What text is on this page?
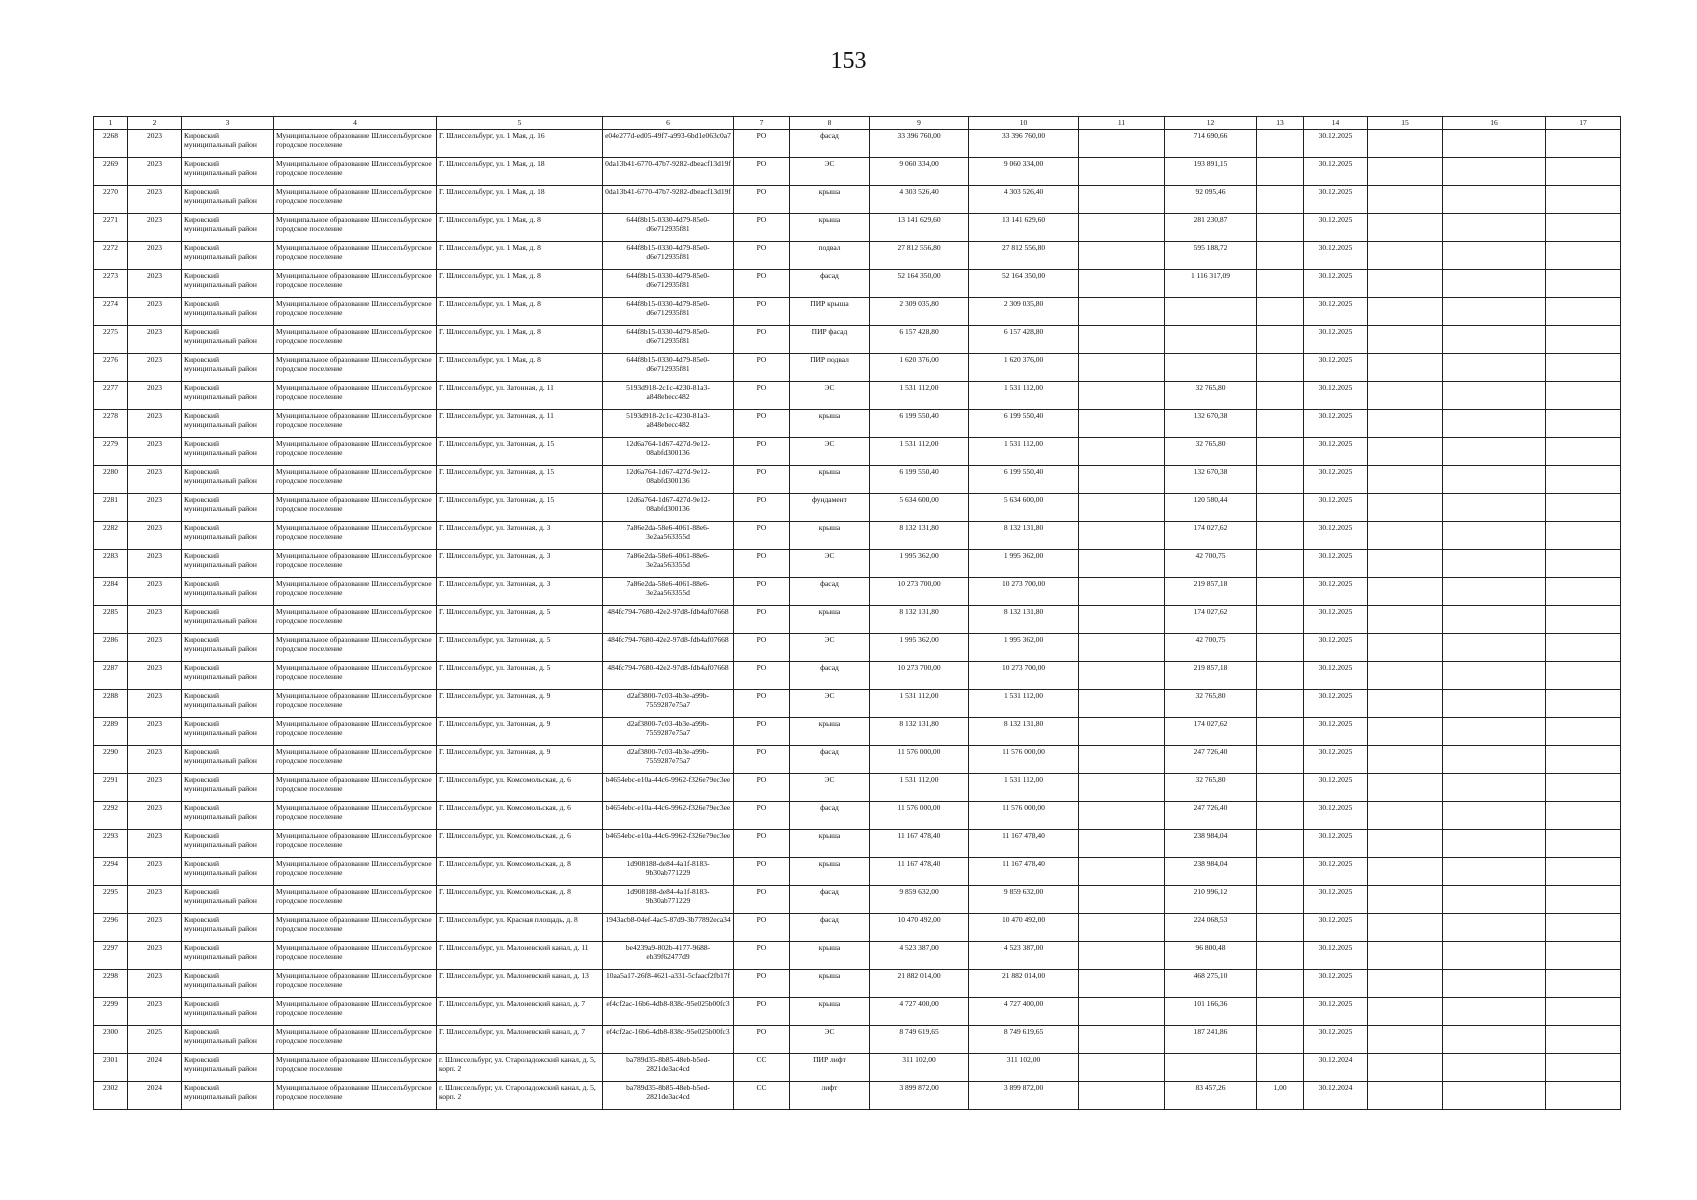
153
1	2	3	4	5	6	7	8	9	10	11	12	13	14	15	16	17
2268	2023	Кировский муниципальный район	Муниципальное образование Шлиссельбургское городское поселение	Г. Шлиссельбург, ул. 1 Мая, д. 16	e04e277d-ed05-49f7-a993-6bd1e063c0a7	РО	фасад	33 396 760,00	33 396 760,00		714 690,66		30.12.2025			
2269	2023	Кировский муниципальный район	Муниципальное образование Шлиссельбургское городское поселение	Г. Шлиссельбург, ул. 1 Мая, д. 18	0da13b41-6770-47b7-9282-dbeacf13d19f	РО	ЭС	9 060 334,00	9 060 334,00		193 891,15		30.12.2025			
2270	2023	Кировский муниципальный район	Муниципальное образование Шлиссельбургское городское поселение	Г. Шлиссельбург, ул. 1 Мая, д. 18	0da13b41-6770-47b7-9282-dbeacf13d19f	РО	крыша	4 303 526,40	4 303 526,40		92 095,46		30.12.2025			
2271	2023	Кировский муниципальный район	Муниципальное образование Шлиссельбургское городское поселение	Г. Шлиссельбург, ул. 1 Мая, д. 8	644f8b15-0330-4d79-85e0-d6e712935f81	РО	крыша	13 141 629,60	13 141 629,60		281 230,87		30.12.2025			
2272	2023	Кировский муниципальный район	Муниципальное образование Шлиссельбургское городское поселение	Г. Шлиссельбург, ул. 1 Мая, д. 8	644f8b15-0330-4d79-85e0-d6e712935f81	РО	подвал	27 812 556,80	27 812 556,80		595 188,72		30.12.2025			
2273	2023	Кировский муниципальный район	Муниципальное образование Шлиссельбургское городское поселение	Г. Шлиссельбург, ул. 1 Мая, д. 8	644f8b15-0330-4d79-85e0-d6e712935f81	РО	фасад	52 164 350,00	52 164 350,00		1 116 317,09		30.12.2025			
2274	2023	Кировский муниципальный район	Муниципальное образование Шлиссельбургское городское поселение	Г. Шлиссельбург, ул. 1 Мая, д. 8	644f8b15-0330-4d79-85e0-d6e712935f81	РО	ПИР крыша	2 309 035,80	2 309 035,80				30.12.2025			
2275	2023	Кировский муниципальный район	Муниципальное образование Шлиссельбургское городское поселение	Г. Шлиссельбург, ул. 1 Мая, д. 8	644f8b15-0330-4d79-85e0-d6e712935f81	РО	ПИР фасад	6 157 428,80	6 157 428,80				30.12.2025			
2276	2023	Кировский муниципальный район	Муниципальное образование Шлиссельбургское городское поселение	Г. Шлиссельбург, ул. 1 Мая, д. 8	644f8b15-0330-4d79-85e0-d6e712935f81	РО	ПИР подвал	1 620 376,00	1 620 376,00				30.12.2025			
2277	2023	Кировский муниципальный район	Муниципальное образование Шлиссельбургское городское поселение	Г. Шлиссельбург, ул. Затонная, д. 11	5193d918-2c1c-4230-81a3-a848ebecc482	РО	ЭС	1 531 112,00	1 531 112,00		32 765,80		30.12.2025			
2278	2023	Кировский муниципальный район	Муниципальное образование Шлиссельбургское городское поселение	Г. Шлиссельбург, ул. Затонная, д. 11	5193d918-2c1c-4230-81a3-a848ebecc482	РО	крыша	6 199 550,40	6 199 550,40		132 670,38		30.12.2025			
2279	2023	Кировский муниципальный район	Муниципальное образование Шлиссельбургское городское поселение	Г. Шлиссельбург, ул. Затонная, д. 15	12d6a764-1d67-427d-9e12-08abfd300136	РО	ЭС	1 531 112,00	1 531 112,00		32 765,80		30.12.2025			
2280	2023	Кировский муниципальный район	Муниципальное образование Шлиссельбургское городское поселение	Г. Шлиссельбург, ул. Затонная, д. 15	12d6a764-1d67-427d-9e12-08abfd300136	РО	крыша	6 199 550,40	6 199 550,40		132 670,38		30.12.2025			
2281	2023	Кировский муниципальный район	Муниципальное образование Шлиссельбургское городское поселение	Г. Шлиссельбург, ул. Затонная, д. 15	12d6a764-1d67-427d-9e12-08abfd300136	РО	фундамент	5 634 600,00	5 634 600,00		120 580,44		30.12.2025			
2282	2023	Кировский муниципальный район	Муниципальное образование Шлиссельбургское городское поселение	Г. Шлиссельбург, ул. Затонная, д. 3	7a86e2da-58e6-4061-88e6-3e2aa563355d	РО	крыша	8 132 131,80	8 132 131,80		174 027,62		30.12.2025			
2283	2023	Кировский муниципальный район	Муниципальное образование Шлиссельбургское городское поселение	Г. Шлиссельбург, ул. Затонная, д. 3	7a86e2da-58e6-4061-88e6-3e2aa563355d	РО	ЭС	1 995 362,00	1 995 362,00		42 700,75		30.12.2025			
2284	2023	Кировский муниципальный район	Муниципальное образование Шлиссельбургское городское поселение	Г. Шлиссельбург, ул. Затонная, д. 3	7a86e2da-58e6-4061-88e6-3e2aa563355d	РО	фасад	10 273 700,00	10 273 700,00		219 857,18		30.12.2025			
2285	2023	Кировский муниципальный район	Муниципальное образование Шлиссельбургское городское поселение	Г. Шлиссельбург, ул. Затонная, д. 5	484fc794-7680-42e2-97d8-fdb4af07668	РО	крыша	8 132 131,80	8 132 131,80		174 027,62		30.12.2025			
2286	2023	Кировский муниципальный район	Муниципальное образование Шлиссельбургское городское поселение	Г. Шлиссельбург, ул. Затонная, д. 5	484fc794-7680-42e2-97d8-fdb4af07668	РО	ЭС	1 995 362,00	1 995 362,00		42 700,75		30.12.2025			
2287	2023	Кировский муниципальный район	Муниципальное образование Шлиссельбургское городское поселение	Г. Шлиссельбург, ул. Затонная, д. 5	484fc794-7680-42e2-97d8-fdb4af07668	РО	фасад	10 273 700,00	10 273 700,00		219 857,18		30.12.2025			
2288	2023	Кировский муниципальный район	Муниципальное образование Шлиссельбургское городское поселение	Г. Шлиссельбург, ул. Затонная, д. 9	d2af3800-7c03-4b3e-a99b-7559287e75a7	РО	ЭС	1 531 112,00	1 531 112,00		32 765,80		30.12.2025			
2289	2023	Кировский муниципальный район	Муниципальное образование Шлиссельбургское городское поселение	Г. Шлиссельбург, ул. Затонная, д. 9	d2af3800-7c03-4b3e-a99b-7559287e75a7	РО	крыша	8 132 131,80	8 132 131,80		174 027,62		30.12.2025			
2290	2023	Кировский муниципальный район	Муниципальное образование Шлиссельбургское городское поселение	Г. Шлиссельбург, ул. Затонная, д. 9	d2af3800-7c03-4b3e-a99b-7559287e75a7	РО	фасад	11 576 000,00	11 576 000,00		247 726,40		30.12.2025			
2291	2023	Кировский муниципальный район	Муниципальное образование Шлиссельбургское городское поселение	Г. Шлиссельбург, ул. Комсомольская, д. 6	b4654ebc-e10a-44c6-9962-f326e79ec3ee	РО	ЭС	1 531 112,00	1 531 112,00		32 765,80		30.12.2025			
2292	2023	Кировский муниципальный район	Муниципальное образование Шлиссельбургское городское поселение	Г. Шлиссельбург, ул. Комсомольская, д. 6	b4654ebc-e10a-44c6-9962-f326e79ec3ee	РО	фасад	11 576 000,00	11 576 000,00		247 726,40		30.12.2025			
2293	2023	Кировский муниципальный район	Муниципальное образование Шлиссельбургское городское поселение	Г. Шлиссельбург, ул. Комсомольская, д. 6	b4654ebc-e10a-44c6-9962-f326e79ec3ee	РО	крыша	11 167 478,40	11 167 478,40		238 984,04		30.12.2025			
2294	2023	Кировский муниципальный район	Муниципальное образование Шлиссельбургское городское поселение	Г. Шлиссельбург, ул. Комсомольская, д. 8	1d908188-de84-4a1f-8183-9b30ab771229	РО	крыша	11 167 478,40	11 167 478,40		238 984,04		30.12.2025			
2295	2023	Кировский муниципальный район	Муниципальное образование Шлиссельбургское городское поселение	Г. Шлиссельбург, ул. Комсомольская, д. 8	1d908188-de84-4a1f-8183-9b30ab771229	РО	фасад	9 859 632,00	9 859 632,00		210 996,12		30.12.2025			
2296	2023	Кировский муниципальный район	Муниципальное образование Шлиссельбургское городское поселение	Г. Шлиссельбург, ул. Красная площадь, д. 8	1943acb8-04ef-4ac5-87d9-3b77892eca34	РО	фасад	10 470 492,00	10 470 492,00		224 068,53		30.12.2025			
2297	2023	Кировский муниципальный район	Муниципальное образование Шлиссельбургское городское поселение	Г. Шлиссельбург, ул. Малоневский канал, д. 11	be4239a9-802b-4177-9688-eb39f62477d9	РО	крыша	4 523 387,00	4 523 387,00		96 800,48		30.12.2025			
2298	2023	Кировский муниципальный район	Муниципальное образование Шлиссельбургское городское поселение	Г. Шлиссельбург, ул. Малоневский канал, д. 13	10aa5a17-26f8-4621-a331-5cfaacf2fb17f	РО	крыша	21 882 014,00	21 882 014,00		468 275,10		30.12.2025			
2299	2023	Кировский муниципальный район	Муниципальное образование Шлиссельбургское городское поселение	Г. Шлиссельбург, ул. Малоневский канал, д. 7	ef4cf2ac-16b6-4db8-838c-95e025b00fc3	РО	крыша	4 727 400,00	4 727 400,00		101 166,36		30.12.2025			
2300	2025	Кировский муниципальный район	Муниципальное образование Шлиссельбургское городское поселение	Г. Шлиссельбург, ул. Малоневский канал, д. 7	ef4cf2ac-16b6-4db8-838c-95e025b00fc3	РО	ЭС	8 749 619,65	8 749 619,65		187 241,86		30.12.2025			
2301	2024	Кировский муниципальный район	Муниципальное образование Шлиссельбургское городское поселение	г. Шлиссельбург, ул. Староладожский канал, д. 5, корп. 2	ba789d35-8b85-48eb-b5ed-2821de3ac4cd	СС	ПИР лифт	311 102,00	311 102,00				30.12.2024			
2302	2024	Кировский муниципальный район	Муниципальное образование Шлиссельбургское городское поселение	г. Шлиссельбург, ул. Староладожский канал, д. 5, корп. 2	ba789d35-8b85-48eb-b5ed-2821de3ac4cd	СС	лифт	3 899 872,00	3 899 872,00		83 457,26	1,00	30.12.2024			
